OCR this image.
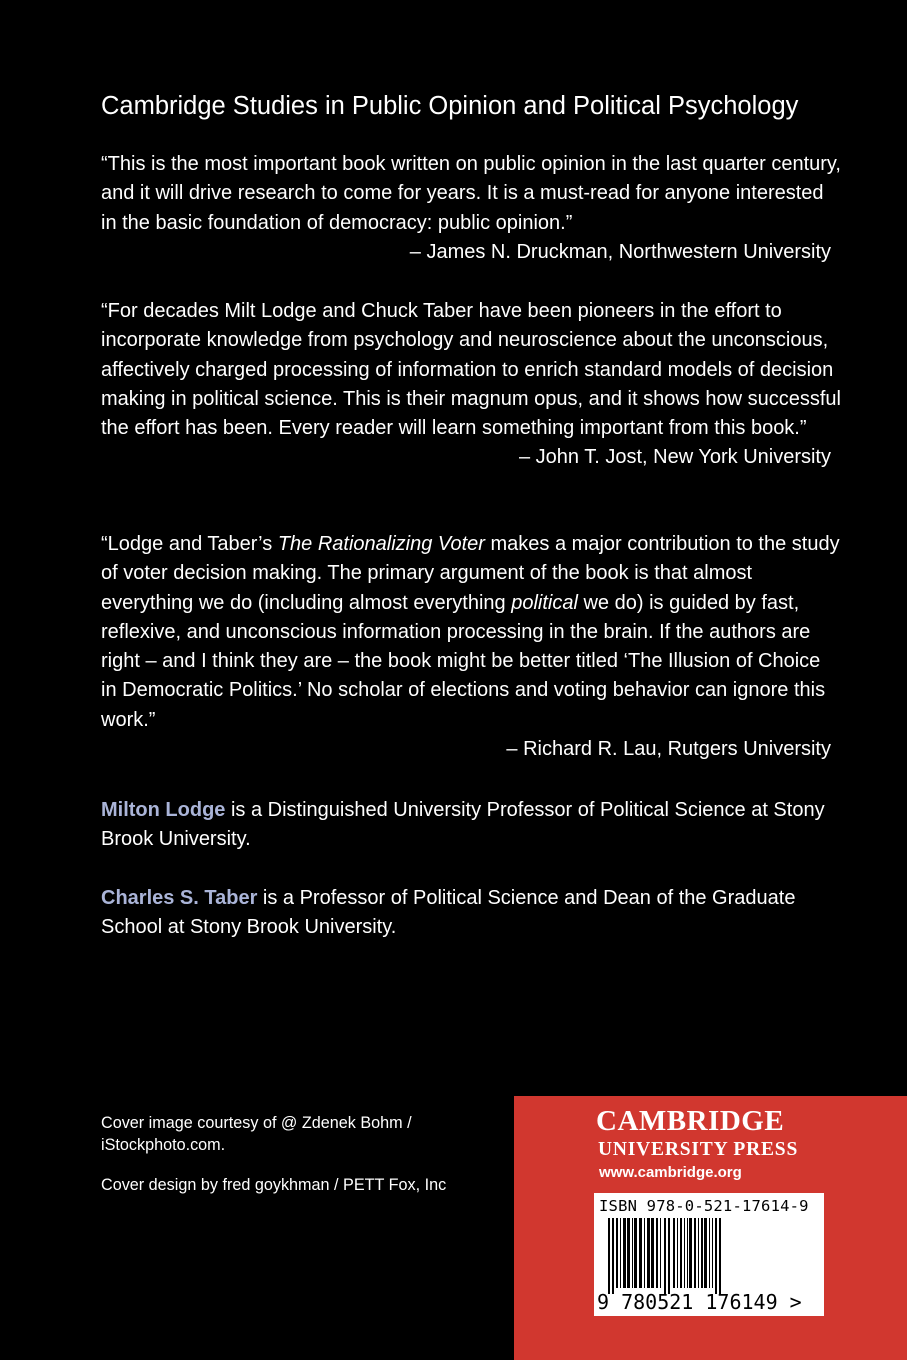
Cambridge Studies in Public Opinion and Political Psychology

“This is the most important book written on public opinion in the last quarter century, and it will drive research to come for years. It is a must-read for anyone interested in the basic foundation of democracy: public opinion.”

– James N. Druckman, Northwestern University

“For decades Milt Lodge and Chuck Taber have been pioneers in the effort to incorporate knowledge from psychology and neuroscience about the unconscious, affectively charged processing of information to enrich standard models of decision making in political science. This is their magnum opus, and it shows how successful the effort has been. Every reader will learn something important from this book.”

– John T. Jost, New York University

“Lodge and Taber’s The Rationalizing Voter makes a major contribution to the study of voter decision making. The primary argument of the book is that almost everything we do (including almost everything political we do) is guided by fast, reflexive, and unconscious information processing in the brain. If the authors are right – and I think they are – the book might be better titled ‘The Illusion of Choice in Democratic Politics.’ No scholar of elections and voting behavior can ignore this work.”

– Richard R. Lau, Rutgers University

Milton Lodge is a Distinguished University Professor of Political Science at Stony Brook University.

Charles S. Taber is a Professor of Political Science and Dean of the Graduate School at Stony Brook University.

Cover image courtesy of @ Zdenek Bohm / iStockphoto.com.

Cover design by fred goykhman / PETT Fox, Inc

CAMBRIDGE
UNIVERSITY PRESS
www.cambridge.org
ISBN 978-0-521-17614-9
9 780521 176149 >
